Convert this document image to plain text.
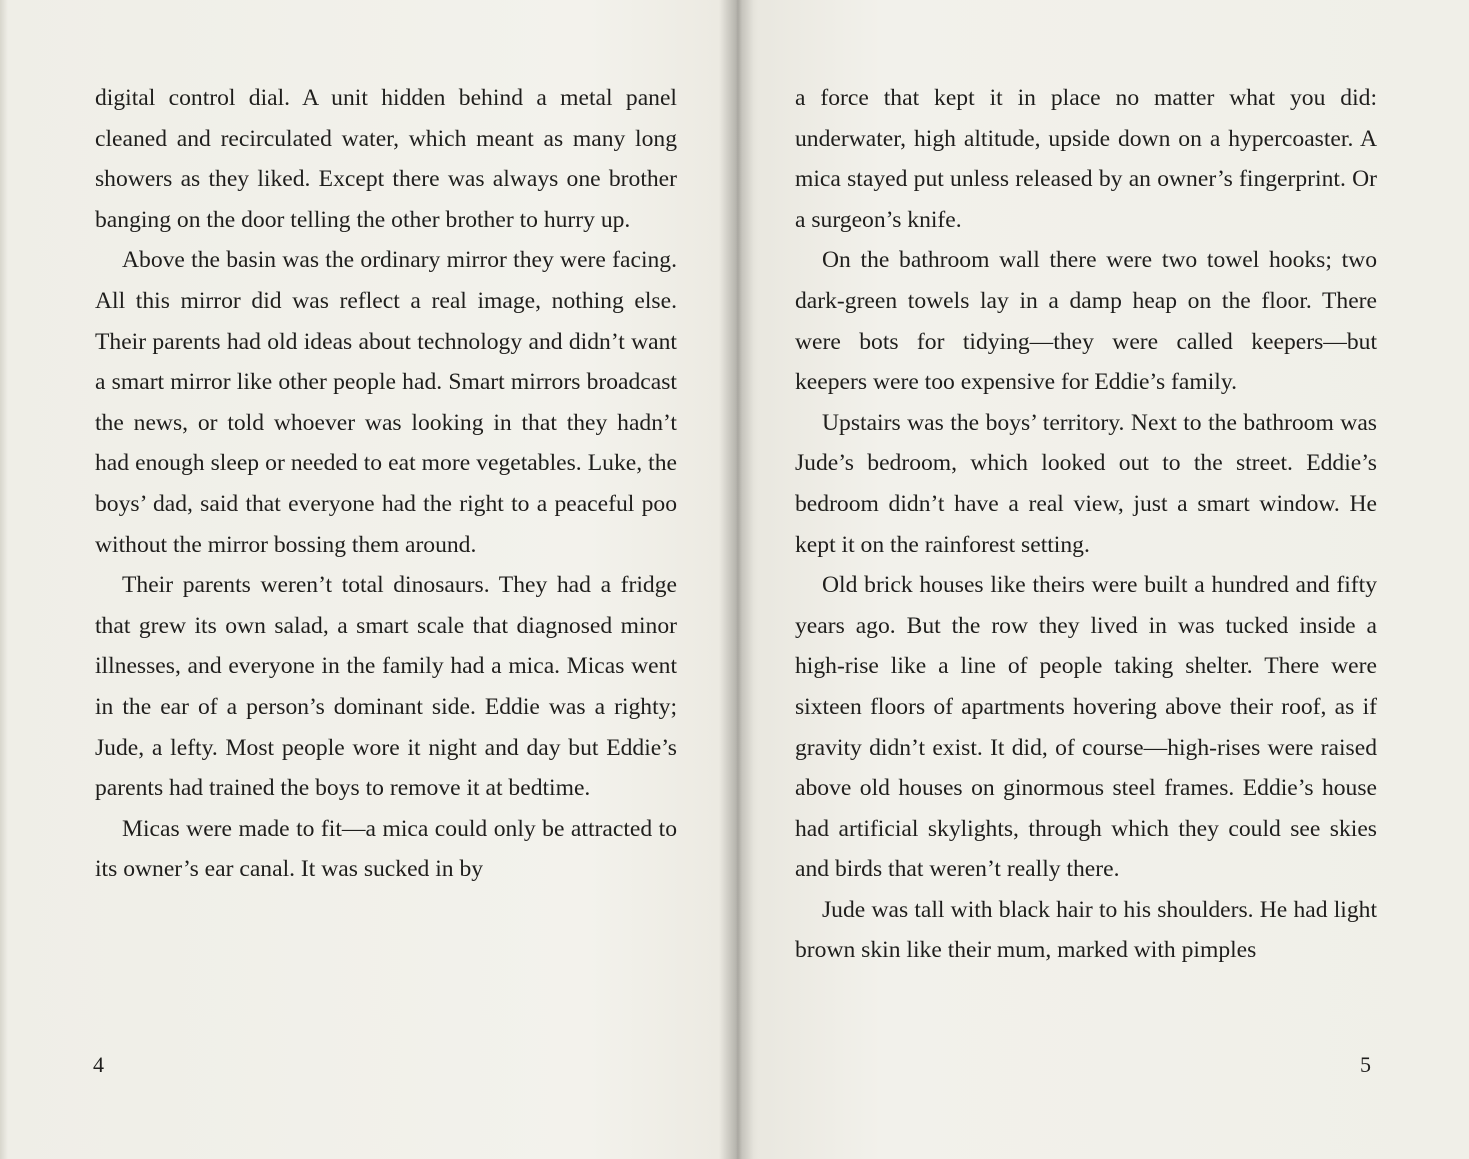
digital control dial. A unit hidden behind a metal panel cleaned and recirculated water, which meant as many long showers as they liked. Except there was always one brother banging on the door telling the other brother to hurry up.

Above the basin was the ordinary mirror they were facing. All this mirror did was reflect a real image, nothing else. Their parents had old ideas about technology and didn’t want a smart mirror like other people had. Smart mirrors broadcast the news, or told whoever was looking in that they hadn’t had enough sleep or needed to eat more vegetables. Luke, the boys’ dad, said that everyone had the right to a peaceful poo without the mirror bossing them around.

Their parents weren’t total dinosaurs. They had a fridge that grew its own salad, a smart scale that diagnosed minor illnesses, and everyone in the family had a mica. Micas went in the ear of a person’s dominant side. Eddie was a righty; Jude, a lefty. Most people wore it night and day but Eddie’s parents had trained the boys to remove it at bedtime.

Micas were made to fit—a mica could only be attracted to its owner’s ear canal. It was sucked in by

4

a force that kept it in place no matter what you did: underwater, high altitude, upside down on a hypercoaster. A mica stayed put unless released by an owner’s fingerprint. Or a surgeon’s knife.

On the bathroom wall there were two towel hooks; two dark-green towels lay in a damp heap on the floor. There were bots for tidying—they were called keepers—but keepers were too expensive for Eddie’s family.

Upstairs was the boys’ territory. Next to the bathroom was Jude’s bedroom, which looked out to the street. Eddie’s bedroom didn’t have a real view, just a smart window. He kept it on the rainforest setting.

Old brick houses like theirs were built a hundred and fifty years ago. But the row they lived in was tucked inside a high-rise like a line of people taking shelter. There were sixteen floors of apartments hovering above their roof, as if gravity didn’t exist. It did, of course—high-rises were raised above old houses on ginormous steel frames. Eddie’s house had artificial skylights, through which they could see skies and birds that weren’t really there.

Jude was tall with black hair to his shoulders. He had light brown skin like their mum, marked with pimples

5
